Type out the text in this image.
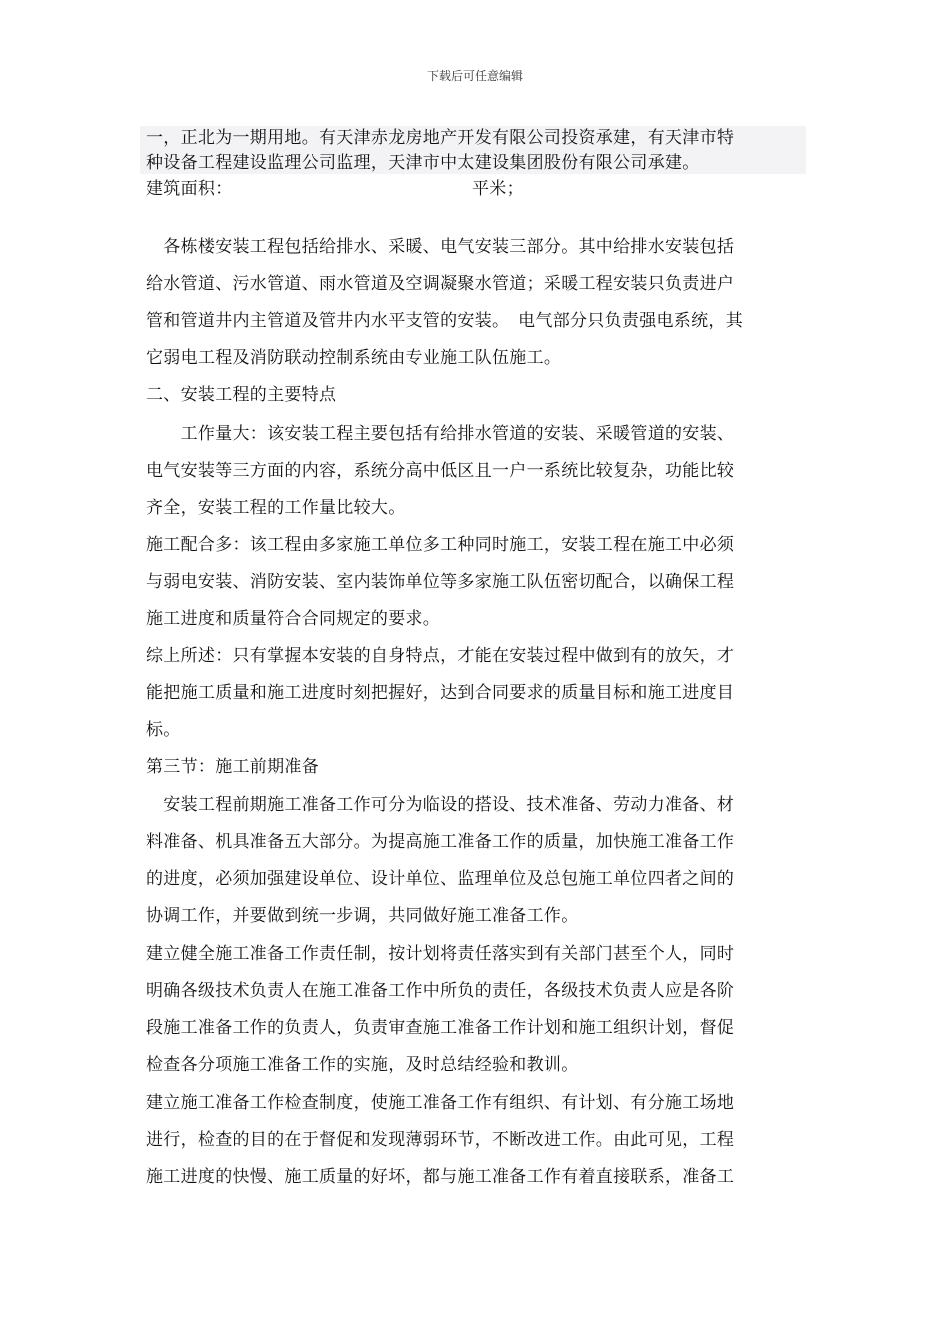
下载后可任意编辑
一，正北为一期用地。有天津赤龙房地产开发有限公司投资承建，有天津市特
种设备工程建设监理公司监理，天津市中太建设集团股份有限公司承建。
建筑面积：	平米；
　各栋楼安装工程包括给排水、采暖、电气安装三部分。其中给排水安装包括
给水管道、污水管道、雨水管道及空调凝聚水管道；采暖工程安装只负责进户
管和管道井内主管道及管井内水平支管的安装。　电气部分只负责强电系统，其
它弱电工程及消防联动控制系统由专业施工队伍施工。
二、安装工程的主要特点
　　工作量大：该安装工程主要包括有给排水管道的安装、采暖管道的安装、
电气安装等三方面的内容，系统分高中低区且一户一系统比较复杂，功能比较
齐全，安装工程的工作量比较大。
施工配合多：该工程由多家施工单位多工种同时施工，安装工程在施工中必须
与弱电安装、消防安装、室内装饰单位等多家施工队伍密切配合，以确保工程
施工进度和质量符合合同规定的要求。
综上所述：只有掌握本安装的自身特点，才能在安装过程中做到有的放矢，才
能把施工质量和施工进度时刻把握好，达到合同要求的质量目标和施工进度目
标。
第三节：施工前期准备
　安装工程前期施工准备工作可分为临设的搭设、技术准备、劳动力准备、材
料准备、机具准备五大部分。为提高施工准备工作的质量，加快施工准备工作
的进度，必须加强建设单位、设计单位、监理单位及总包施工单位四者之间的
协调工作，并要做到统一步调，共同做好施工准备工作。
建立健全施工准备工作责任制，按计划将责任落实到有关部门甚至个人，同时
明确各级技术负责人在施工准备工作中所负的责任，各级技术负责人应是各阶
段施工准备工作的负责人，负责审查施工准备工作计划和施工组织计划，督促
检查各分项施工准备工作的实施，及时总结经验和教训。
建立施工准备工作检查制度，使施工准备工作有组织、有计划、有分施工场地
进行，检查的目的在于督促和发现薄弱环节，不断改进工作。由此可见，工程
施工进度的快慢、施工质量的好坏，都与施工准备工作有着直接联系，准备工
